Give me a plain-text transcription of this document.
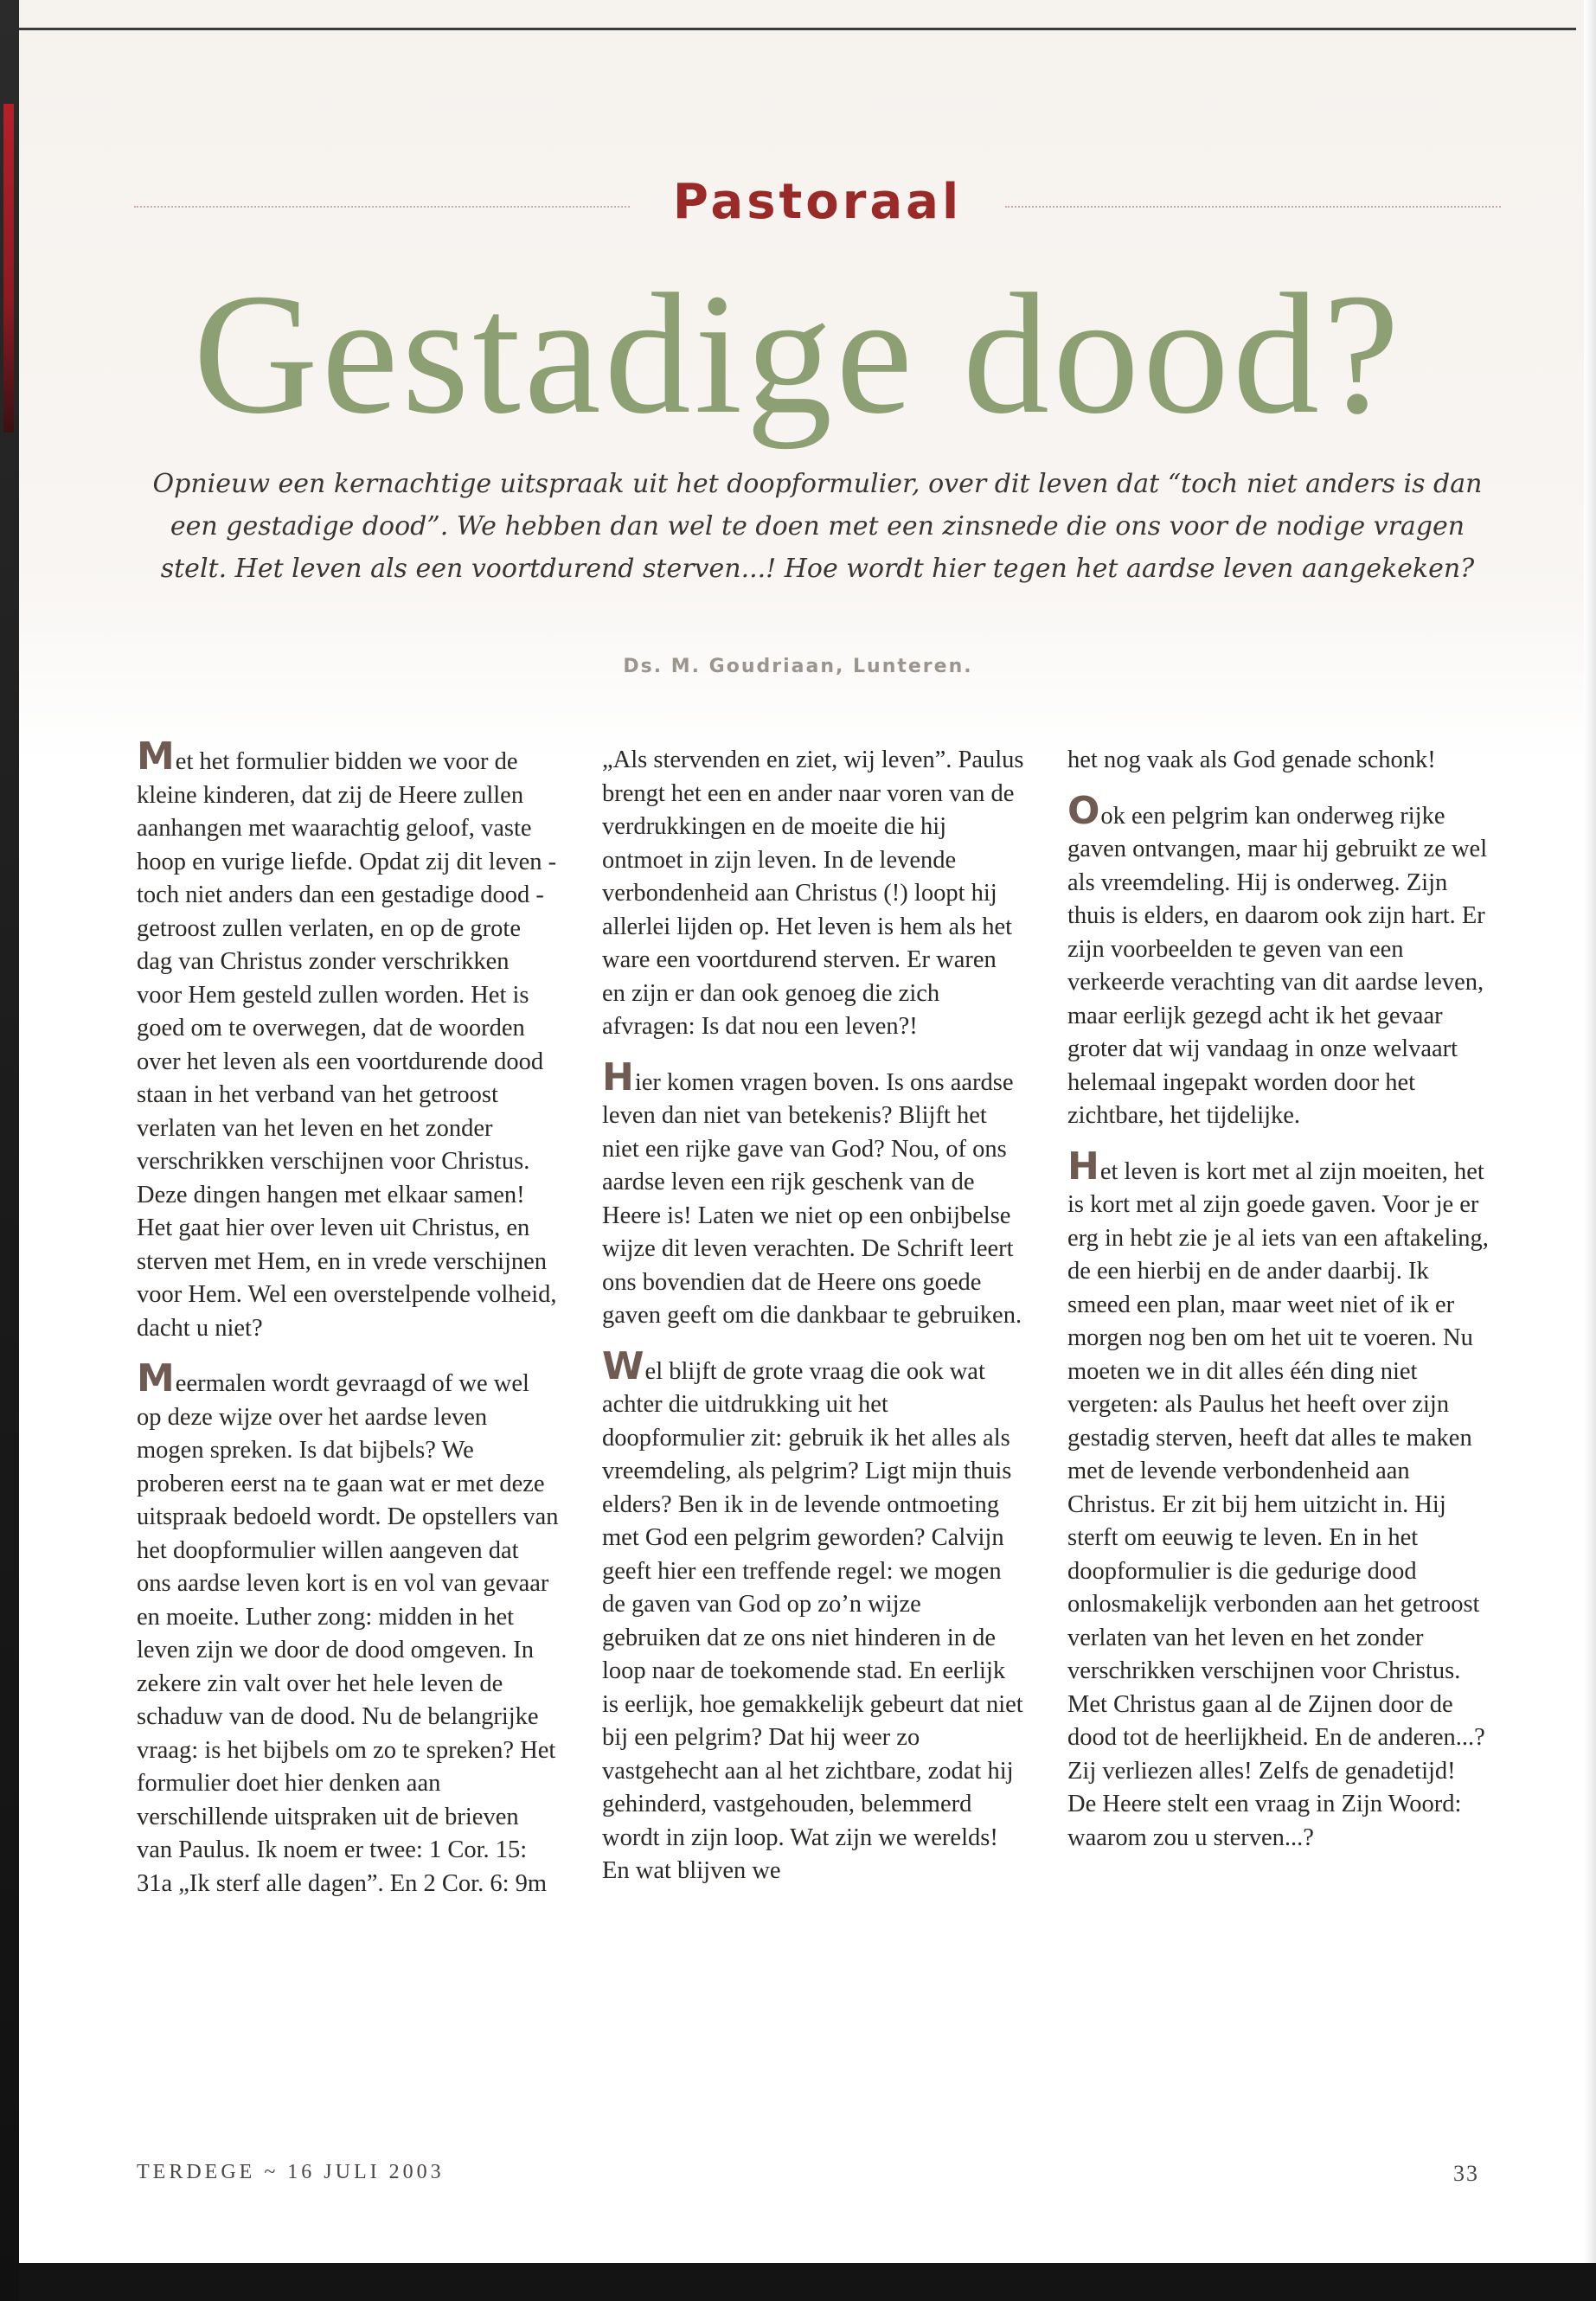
Pastoraal
Gestadige dood?
Opnieuw een kernachtige uitspraak uit het doopformulier, over dit leven dat “toch niet anders is dan een gestadige dood”. We hebben dan wel te doen met een zinsnede die ons voor de nodige vragen stelt. Het leven als een voortdurend sterven...! Hoe wordt hier tegen het aardse leven aangekeken?
Ds. M. Goudriaan, Lunteren.

Met het formulier bidden we voor de kleine kinderen, dat zij de Heere zullen aanhangen met waarachtig geloof, vaste hoop en vurige liefde. Opdat zij dit leven - toch niet anders dan een gestadige dood - getroost zullen verlaten, en op de grote dag van Christus zonder verschrikken voor Hem gesteld zullen worden. Het is goed om te overwegen, dat de woorden over het leven als een voortdurende dood staan in het verband van het getroost verlaten van het leven en het zonder verschrikken verschijnen voor Christus. Deze dingen hangen met elkaar samen! Het gaat hier over leven uit Christus, en sterven met Hem, en in vrede verschijnen voor Hem. Wel een overstelpende volheid, dacht u niet?

Meermalen wordt gevraagd of we wel op deze wijze over het aardse leven mogen spreken. Is dat bijbels? We proberen eerst na te gaan wat er met deze uitspraak bedoeld wordt. De opstellers van het doopformulier willen aangeven dat ons aardse leven kort is en vol van gevaar en moeite. Luther zong: midden in het leven zijn we door de dood omgeven. In zekere zin valt over het hele leven de schaduw van de dood. Nu de belangrijke vraag: is het bijbels om zo te spreken? Het formulier doet hier denken aan verschillende uitspraken uit de brieven van Paulus. Ik noem er twee: 1 Cor. 15: 31a „Ik sterf alle dagen”. En 2 Cor. 6: 9m

„Als stervenden en ziet, wij leven”. Paulus brengt het een en ander naar voren van de verdrukkingen en de moeite die hij ontmoet in zijn leven. In de levende verbondenheid aan Christus (!) loopt hij allerlei lijden op. Het leven is hem als het ware een voortdurend sterven. Er waren en zijn er dan ook genoeg die zich afvragen: Is dat nou een leven?!

Hier komen vragen boven. Is ons aardse leven dan niet van betekenis? Blijft het niet een rijke gave van God? Nou, of ons aardse leven een rijk geschenk van de Heere is! Laten we niet op een onbijbelse wijze dit leven verachten. De Schrift leert ons bovendien dat de Heere ons goede gaven geeft om die dankbaar te gebruiken.

Wel blijft de grote vraag die ook wat achter die uitdrukking uit het doopformulier zit: gebruik ik het alles als vreemdeling, als pelgrim? Ligt mijn thuis elders? Ben ik in de levende ontmoeting met God een pelgrim geworden? Calvijn geeft hier een treffende regel: we mogen de gaven van God op zo’n wijze gebruiken dat ze ons niet hinderen in de loop naar de toekomende stad. En eerlijk is eerlijk, hoe gemakkelijk gebeurt dat niet bij een pelgrim? Dat hij weer zo vastgehecht aan al het zichtbare, zodat hij gehinderd, vastgehouden, belemmerd wordt in zijn loop. Wat zijn we werelds! En wat blijven we

het nog vaak als God genade schonk!

Ook een pelgrim kan onderweg rijke gaven ontvangen, maar hij gebruikt ze wel als vreemdeling. Hij is onderweg. Zijn thuis is elders, en daarom ook zijn hart. Er zijn voorbeelden te geven van een verkeerde verachting van dit aardse leven, maar eerlijk gezegd acht ik het gevaar groter dat wij vandaag in onze welvaart helemaal ingepakt worden door het zichtbare, het tijdelijke.

Het leven is kort met al zijn moeiten, het is kort met al zijn goede gaven. Voor je er erg in hebt zie je al iets van een aftakeling, de een hierbij en de ander daarbij. Ik smeed een plan, maar weet niet of ik er morgen nog ben om het uit te voeren. Nu moeten we in dit alles één ding niet vergeten: als Paulus het heeft over zijn gestadig sterven, heeft dat alles te maken met de levende verbondenheid aan Christus. Er zit bij hem uitzicht in. Hij sterft om eeuwig te leven. En in het doopformulier is die gedurige dood onlosmakelijk verbonden aan het getroost verlaten van het leven en het zonder verschrikken verschijnen voor Christus. Met Christus gaan al de Zijnen door de dood tot de heerlijkheid. En de anderen...? Zij verliezen alles! Zelfs de genadetijd! De Heere stelt een vraag in Zijn Woord: waarom zou u sterven...?

TERDEGE ~ 16 JULI 2003	33
